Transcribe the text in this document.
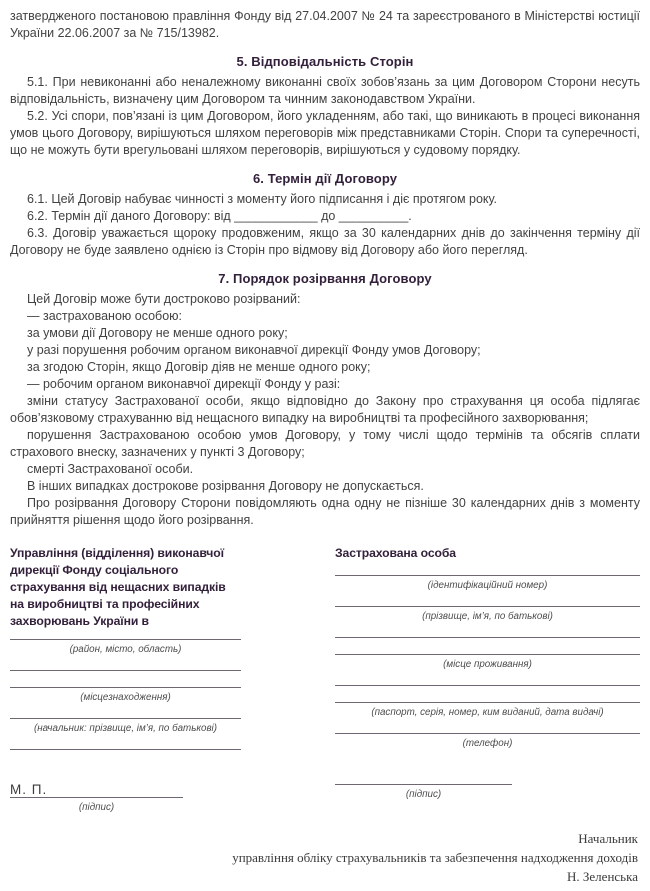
затвердженого постановою правління Фонду від 27.04.2007 № 24 та зареєстрованого в Міністерстві юстиції України 22.06.2007 за № 715/13982.

5. Відповідальність Сторін

5.1. При невиконанні або неналежному виконанні своїх зобов’язань за цим Договором Сторони несуть відповідальність, визначену цим Договором та чинним законодавством України.

5.2. Усі спори, пов’язані із цим Договором, його укладенням, або такі, що виникають в процесі виконання умов цього Договору, вирішуються шляхом переговорів між представниками Сторін. Спори та суперечності, що не можуть бути врегульовані шляхом переговорів, вирішуються у судовому порядку.

6. Термін дії Договору

6.1. Цей Договір набуває чинності з моменту його підписання і діє протягом року.

6.2. Термін дії даного Договору: від ____________ до __________.

6.3. Договір уважається щороку продовженим, якщо за 30 календарних днів до закінчення терміну дії Договору не буде заявлено однією із Сторін про відмову від Договору або його перегляд.

7. Порядок розірвання Договору

Цей Договір може бути достроково розірваний:

— застрахованою особою:

за умови дії Договору не менше одного року;

у разі порушення робочим органом виконавчої дирекції Фонду умов Договору;

за згодою Сторін, якщо Договір діяв не менше одного року;

— робочим органом виконавчої дирекції Фонду у разі:

зміни статусу Застрахованої особи, якщо відповідно до Закону про страхування ця особа підлягає обов’язковому страхуванню від нещасного випадку на виробництві та професійного захворювання;

порушення Застрахованою особою умов Договору, у тому числі щодо термінів та обсягів сплати страхового внеску, зазначених у пункті 3 Договору;

смерті Застрахованої особи.

В інших випадках дострокове розірвання Договору не допускається.

Про розірвання Договору Сторони повідомляють одна одну не пізніше 30 календарних днів з моменту прийняття рішення щодо його розірвання.

Управління (відділення) виконавчої дирекції Фонду соціального страхування від нещасних випадків на виробництві та професійних захворювань України в
(район, місто, область)
(місцезнаходження)
(начальник: прізвище, ім’я, по батькові)
М. П.
(підпис)
Застрахована особа
(ідентифікаційний номер)
(прізвище, ім’я, по батькові)
(місце проживання)
(паспорт, серія, номер, ким виданий, дата видачі)
(телефон)
(підпис)
Начальник
управління обліку страхувальників та забезпечення надходження доходів
Н. Зеленська
